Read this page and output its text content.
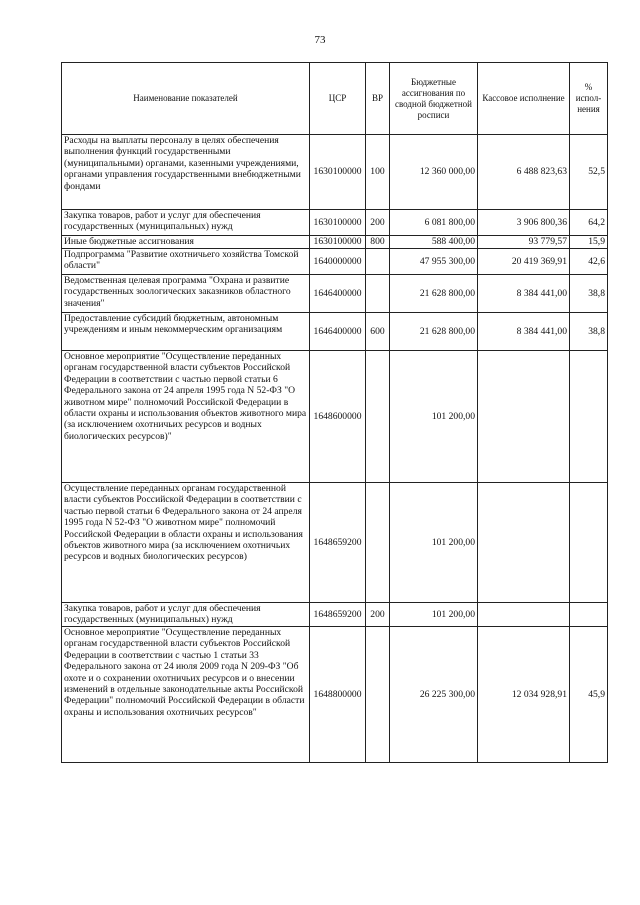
73
Наименование показателей	ЦСР	ВР	Бюджетные ассигнования по сводной бюджетной росписи	Кассовое исполнение	% испол-нения
Расходы на выплаты персоналу в целях обеспечения выполнения функций государственными (муниципальными) органами, казенными учреждениями, органами управления государственными внебюджетными фондами	1630100000	100	12 360 000,00	6 488 823,63	52,5
Закупка товаров, работ и услуг для обеспечения государственных (муниципальных) нужд	1630100000	200	6 081 800,00	3 906 800,36	64,2
Иные бюджетные ассигнования	1630100000	800	588 400,00	93 779,57	15,9
Подпрограмма "Развитие охотничьего хозяйства Томской области"	1640000000		47 955 300,00	20 419 369,91	42,6
Ведомственная целевая программа "Охрана и развитие государственных зоологических заказников областного значения"	1646400000		21 628 800,00	8 384 441,00	38,8
Предоставление субсидий бюджетным, автономным учреждениям и иным некоммерческим организациям	1646400000	600	21 628 800,00	8 384 441,00	38,8
Основное мероприятие "Осуществление переданных органам государственной власти субъектов Российской Федерации в соответствии с частью первой статьи 6 Федерального закона от 24 апреля 1995 года N 52-ФЗ "О животном мире" полномочий Российской Федерации в области охраны и использования объектов животного мира (за исключением охотничьих ресурсов и водных биологических ресурсов)"	1648600000		101 200,00		
Осуществление переданных органам государственной власти субъектов Российской Федерации в соответствии с частью первой статьи 6 Федерального закона от 24 апреля 1995 года N 52-ФЗ "О животном мире" полномочий Российской Федерации в области охраны и использования объектов животного мира (за исключением охотничьих ресурсов и водных биологических ресурсов)	1648659200		101 200,00		
Закупка товаров, работ и услуг для обеспечения государственных (муниципальных) нужд	1648659200	200	101 200,00		
Основное мероприятие "Осуществление переданных органам государственной власти субъектов Российской Федерации в соответствии с частью 1 статьи 33 Федерального закона от 24 июля 2009 года N 209-ФЗ "Об охоте и о сохранении охотничьих ресурсов и о внесении изменений в отдельные законодательные акты Российской Федерации" полномочий Российской Федерации в области охраны и использования охотничьих ресурсов"	1648800000		26 225 300,00	12 034 928,91	45,9
